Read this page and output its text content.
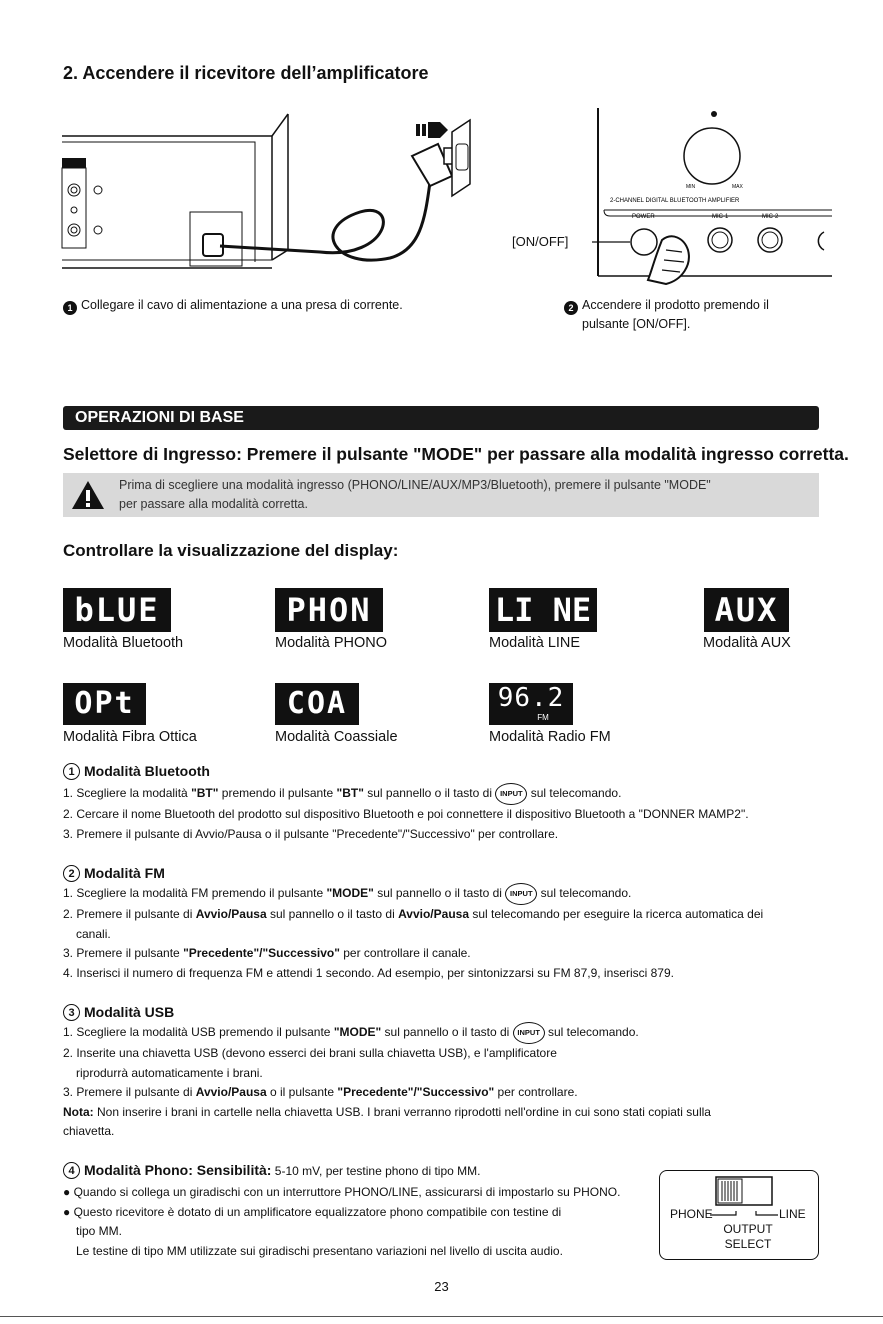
2. Accendere il ricevitore dell’amplificatore
MIN	MAX
2-CHANNEL DIGITAL BLUETOOTH AMPLIFIER
POWER	MIC-1	MIC-2
[ON/OFF]
1 Collegare il cavo di alimentazione a una presa di corrente.	2 Accendere il prodotto premendo il
pulsante [ON/OFF].
OPERAZIONI DI BASE
Selettore di Ingresso: Premere il pulsante "MODE" per passare alla modalità ingresso corretta.
Prima di scegliere una modalità ingresso (PHONO/LINE/AUX/MP3/Bluetooth), premere il pulsante "MODE"
per passare alla modalità corretta.
Controllare la visualizzazione del display:
bLUE
Modalità Bluetooth
PHON
Modalità PHONO
LI NE
Modalità LINE
AUX
Modalità AUX
OPt
Modalità Fibra Ottica
COA
Modalità Coassiale
96.2
FM
Modalità Radio FM
1 Modalità Bluetooth
1. Scegliere la modalità "BT" premendo il pulsante "BT" sul pannello o il tasto di INPUT sul telecomando.
2. Cercare il nome Bluetooth del prodotto sul dispositivo Bluetooth e poi connettere il dispositivo Bluetooth a "DONNER MAMP2".
3. Premere il pulsante di Avvio/Pausa o il pulsante "Precedente"/"Successivo" per controllare.
2 Modalità FM
1. Scegliere la modalità FM premendo il pulsante "MODE" sul pannello o il tasto di INPUT sul telecomando.
2. Premere il pulsante di Avvio/Pausa sul pannello o il tasto di Avvio/Pausa sul telecomando per eseguire la ricerca automatica dei
canali.
3. Premere il pulsante "Precedente"/"Successivo" per controllare il canale.
4. Inserisci il numero di frequenza FM e attendi 1 secondo. Ad esempio, per sintonizzarsi su FM 87,9, inserisci 879.
3 Modalità USB
1. Scegliere la modalità USB premendo il pulsante "MODE" sul pannello o il tasto di INPUT sul telecomando.
2. Inserite una chiavetta USB (devono esserci dei brani sulla chiavetta USB), e l'amplificatore
riprodurrà automaticamente i brani.
3. Premere il pulsante di Avvio/Pausa o il pulsante "Precedente"/"Successivo" per controllare.
Nota: Non inserire i brani in cartelle nella chiavetta USB. I brani verranno riprodotti nell'ordine in cui sono stati copiati sulla
chiavetta.
4 Modalità Phono: Sensibilità: 5-10 mV, per testine phono di tipo MM.
● Quando si collega un giradischi con un interruttore PHONO/LINE, assicurarsi di impostarlo su PHONO.
● Questo ricevitore è dotato di un amplificatore equalizzatore phono compatibile con testine di
tipo MM.
Le testine di tipo MM utilizzate sui giradischi presentano variazioni nel livello di uscita audio.
PHONE	LINE
OUTPUT
SELECT
23
